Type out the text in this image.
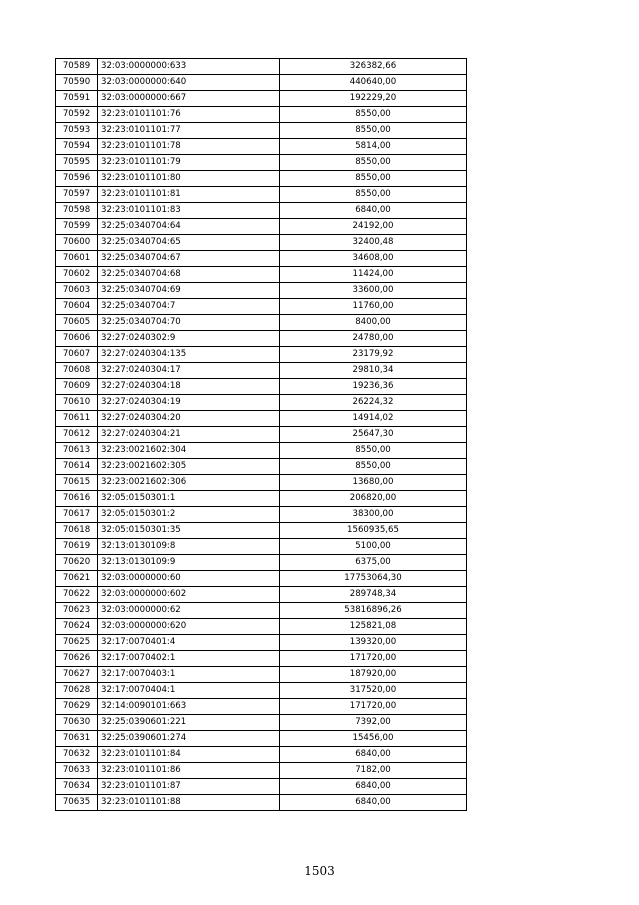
70589	32:03:0000000:633	326382,66
70590	32:03:0000000:640	440640,00
70591	32:03:0000000:667	192229,20
70592	32:23:0101101:76	8550,00
70593	32:23:0101101:77	8550,00
70594	32:23:0101101:78	5814,00
70595	32:23:0101101:79	8550,00
70596	32:23:0101101:80	8550,00
70597	32:23:0101101:81	8550,00
70598	32:23:0101101:83	6840,00
70599	32:25:0340704:64	24192,00
70600	32:25:0340704:65	32400,48
70601	32:25:0340704:67	34608,00
70602	32:25:0340704:68	11424,00
70603	32:25:0340704:69	33600,00
70604	32:25:0340704:7	11760,00
70605	32:25:0340704:70	8400,00
70606	32:27:0240302:9	24780,00
70607	32:27:0240304:135	23179,92
70608	32:27:0240304:17	29810,34
70609	32:27:0240304:18	19236,36
70610	32:27:0240304:19	26224,32
70611	32:27:0240304:20	14914,02
70612	32:27:0240304:21	25647,30
70613	32:23:0021602:304	8550,00
70614	32:23:0021602:305	8550,00
70615	32:23:0021602:306	13680,00
70616	32:05:0150301:1	206820,00
70617	32:05:0150301:2	38300,00
70618	32:05:0150301:35	1560935,65
70619	32:13:0130109:8	5100,00
70620	32:13:0130109:9	6375,00
70621	32:03:0000000:60	17753064,30
70622	32:03:0000000:602	289748,34
70623	32:03:0000000:62	53816896,26
70624	32:03:0000000:620	125821,08
70625	32:17:0070401:4	139320,00
70626	32:17:0070402:1	171720,00
70627	32:17:0070403:1	187920,00
70628	32:17:0070404:1	317520,00
70629	32:14:0090101:663	171720,00
70630	32:25:0390601:221	7392,00
70631	32:25:0390601:274	15456,00
70632	32:23:0101101:84	6840,00
70633	32:23:0101101:86	7182,00
70634	32:23:0101101:87	6840,00
70635	32:23:0101101:88	6840,00
1503
